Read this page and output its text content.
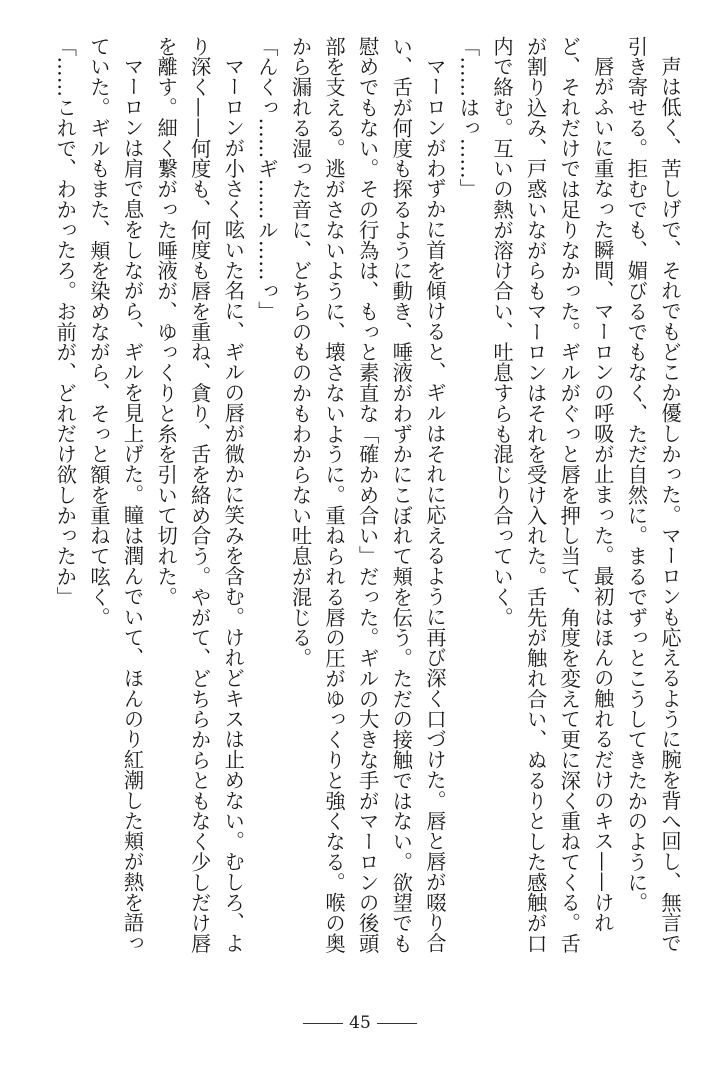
声は低く、苦しげで、それでもどこか優しかった。マーロンも応えるように腕を背へ回し、無言で
引き寄せる。拒むでも、媚びるでもなく、ただ自然に。まるでずっとこうしてきたかのように。
唇がふいに重なった瞬間、マーロンの呼吸が止まった。最初はほんの触れるだけのキス——けれ
ど、それだけでは足りなかった。ギルがぐっと唇を押し当て、角度を変えて更に深く重ねてくる。舌
が割り込み、戸惑いながらもマーロンはそれを受け入れた。舌先が触れ合い、ぬるりとした感触が口
内で絡む。互いの熱が溶け合い、吐息すらも混じり合っていく。
「……はっ……」
マーロンがわずかに首を傾けると、ギルはそれに応えるように再び深く口づけた。唇と唇が啜り合
い、舌が何度も探るように動き、唾液がわずかにこぼれて頬を伝う。ただの接触ではない。欲望でも
慰めでもない。その行為は、もっと素直な「確かめ合い」だった。ギルの大きな手がマーロンの後頭
部を支える。逃がさないように、壊さないように。重ねられる唇の圧がゆっくりと強くなる。喉の奥
から漏れる湿った音に、どちらのものかもわからない吐息が混じる。
「んくっ……ギ……ル……っ」
マーロンが小さく呟いた名に、ギルの唇が微かに笑みを含む。けれどキスは止めない。むしろ、よ
り深く——何度も、何度も唇を重ね、貪り、舌を絡め合う。やがて、どちらからともなく少しだけ唇
を離す。細く繋がった唾液が、ゆっくりと糸を引いて切れた。
マーロンは肩で息をしながら、ギルを見上げた。瞳は潤んでいて、ほんのり紅潮した頬が熱を語っ
ていた。ギルもまた、頬を染めながら、そっと額を重ねて呟く。
「……これで、わかったろ。お前が、どれだけ欲しかったか」
45
